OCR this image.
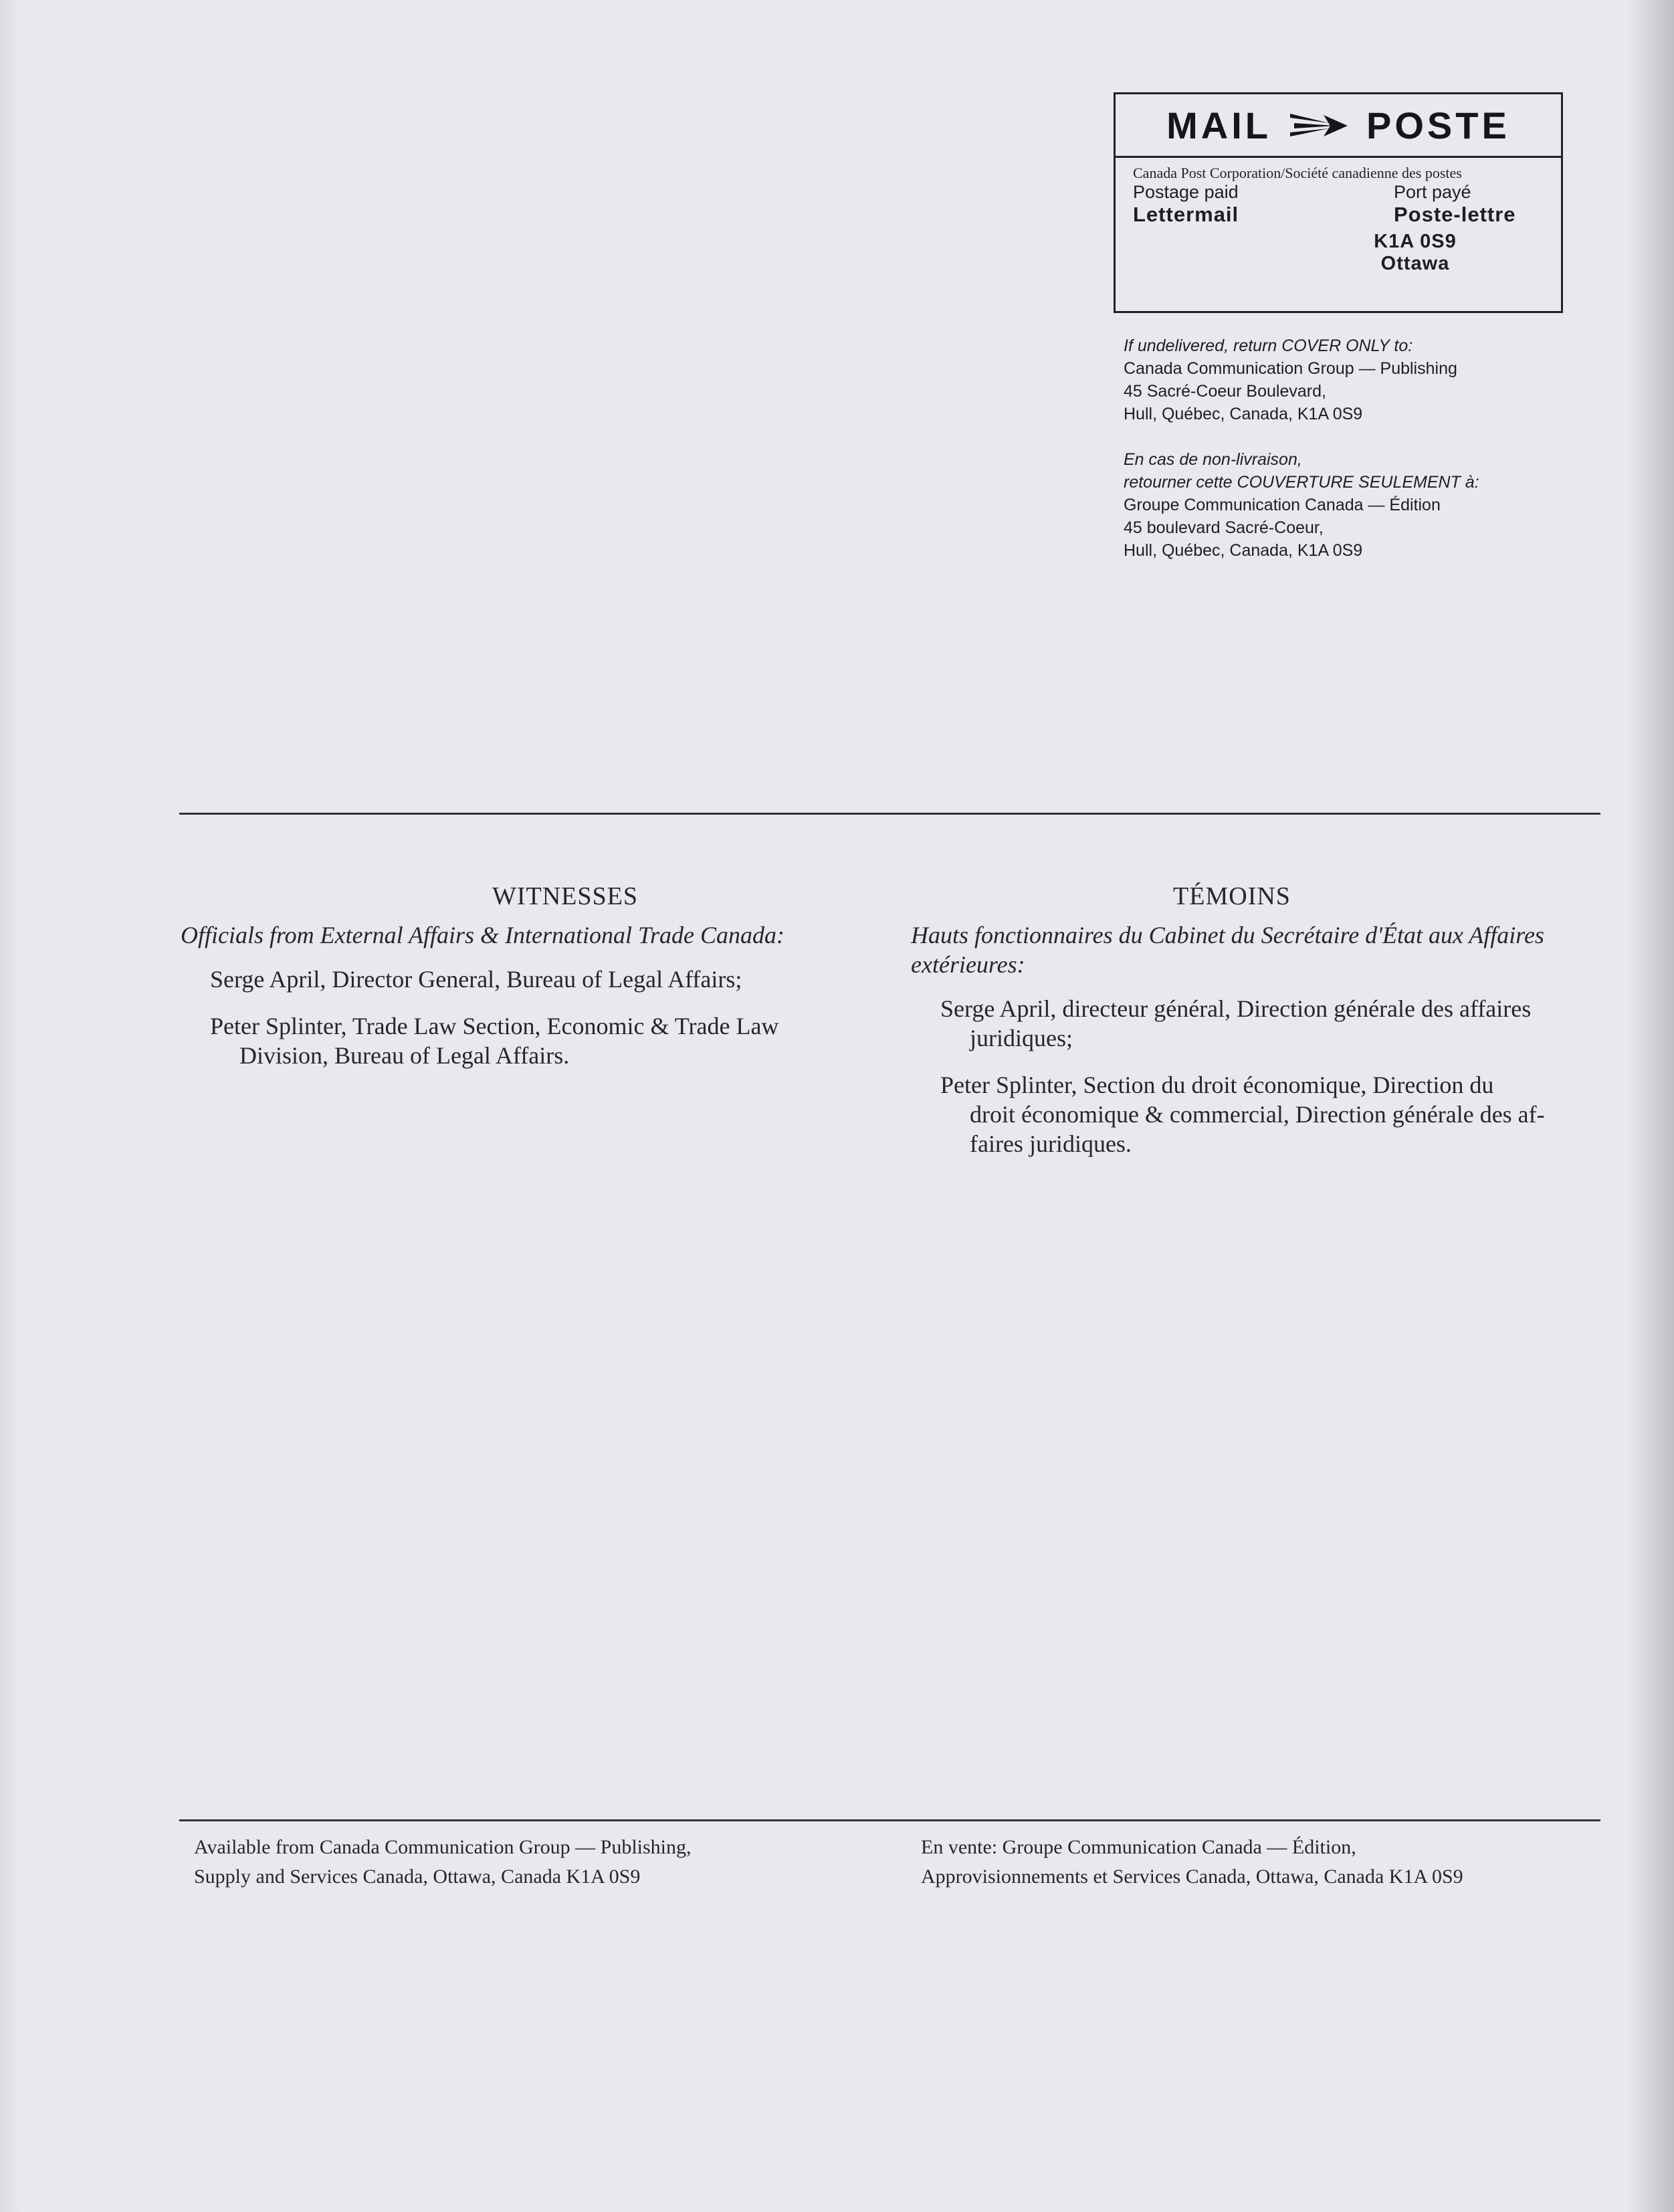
MAIL	POSTE
Canada Post Corporation/Société canadienne des postes
Postage paid	Port payé
Lettermail	Poste-lettre
K1A 0S9
Ottawa
If undelivered, return COVER ONLY to:
Canada Communication Group — Publishing
45 Sacré-Coeur Boulevard,
Hull, Québec, Canada, K1A 0S9
En cas de non-livraison,
retourner cette COUVERTURE SEULEMENT à:
Groupe Communication Canada — Édition
45 boulevard Sacré-Coeur,
Hull, Québec, Canada, K1A 0S9
WITNESSES
Officials from External Affairs & International Trade Canada:
Serge April, Director General, Bureau of Legal Affairs;
Peter Splinter, Trade Law Section, Economic & Trade Law
Division, Bureau of Legal Affairs.
TÉMOINS
Hauts fonctionnaires du Cabinet du Secrétaire d'État aux Affaires extérieures:
Serge April, directeur général, Direction générale des affaires
juridiques;
Peter Splinter, Section du droit économique, Direction du
droit économique & commercial, Direction générale des af-
faires juridiques.
Available from Canada Communication Group — Publishing,
Supply and Services Canada, Ottawa, Canada K1A 0S9
En vente: Groupe Communication Canada — Édition,
Approvisionnements et Services Canada, Ottawa, Canada K1A 0S9
